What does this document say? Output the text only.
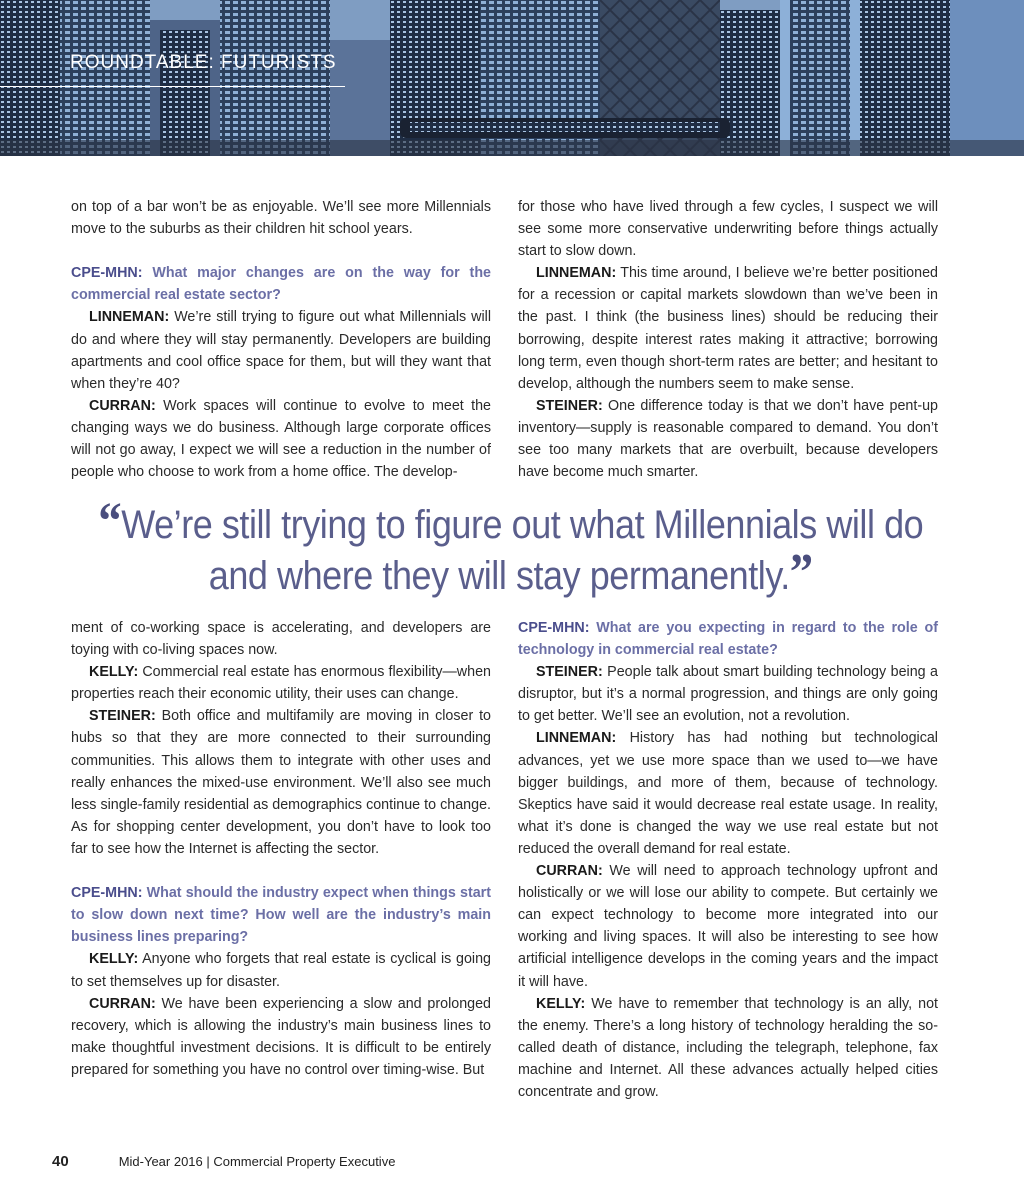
ROUNDTABLE: FUTURISTS

on top of a bar won’t be as enjoyable. We’ll see more Millennials move to the suburbs as their children hit school years.

CPE-MHN: What major changes are on the way for the commercial real estate sector?

LINNEMAN: We’re still trying to figure out what Millennials will do and where they will stay permanently. Developers are building apartments and cool office space for them, but will they want that when they’re 40?

CURRAN: Work spaces will continue to evolve to meet the changing ways we do business. Although large corporate offices will not go away, I expect we will see a reduction in the number of people who choose to work from a home office. The develop-

for those who have lived through a few cycles, I suspect we will see some more conservative underwriting before things actually start to slow down.

LINNEMAN: This time around, I believe we’re better positioned for a recession or capital markets slowdown than we’ve been in the past. I think (the business lines) should be reducing their borrowing, despite interest rates making it attractive; borrowing long term, even though short-term rates are better; and hesitant to develop, although the numbers seem to make sense.

STEINER: One difference today is that we don’t have pent-up inventory—supply is reasonable compared to demand. You don’t see too many markets that are overbuilt, because developers have become much smarter.

“We’re still trying to figure out what Millennials will do and where they will stay permanently.”

ment of co-working space is accelerating, and developers are toying with co-living spaces now.

KELLY: Commercial real estate has enormous flexibility—when properties reach their economic utility, their uses can change.

STEINER: Both office and multifamily are moving in closer to hubs so that they are more connected to their surrounding communities. This allows them to integrate with other uses and really enhances the mixed-use environment. We’ll also see much less single-family residential as demographics continue to change. As for shopping center development, you don’t have to look too far to see how the Internet is affecting the sector.

CPE-MHN: What should the industry expect when things start to slow down next time? How well are the industry’s main business lines preparing?

KELLY: Anyone who forgets that real estate is cyclical is going to set themselves up for disaster.

CURRAN: We have been experiencing a slow and prolonged recovery, which is allowing the industry’s main business lines to make thoughtful investment decisions. It is difficult to be entirely prepared for something you have no control over timing-wise. But

CPE-MHN: What are you expecting in regard to the role of technology in commercial real estate?

STEINER: People talk about smart building technology being a disruptor, but it’s a normal progression, and things are only going to get better. We’ll see an evolution, not a revolution.

LINNEMAN: History has had nothing but technological advances, yet we use more space than we used to—we have bigger buildings, and more of them, because of technology. Skeptics have said it would decrease real estate usage. In reality, what it’s done is changed the way we use real estate but not reduced the overall demand for real estate.

CURRAN: We will need to approach technology upfront and holistically or we will lose our ability to compete. But certainly we can expect technology to become more integrated into our working and living spaces. It will also be interesting to see how artificial intelligence develops in the coming years and the impact it will have.

KELLY: We have to remember that technology is an ally, not the enemy. There’s a long history of technology heralding the so-called death of distance, including the telegraph, telephone, fax machine and Internet. All these advances actually helped cities concentrate and grow.

40	Mid-Year 2016 | Commercial Property Executive
